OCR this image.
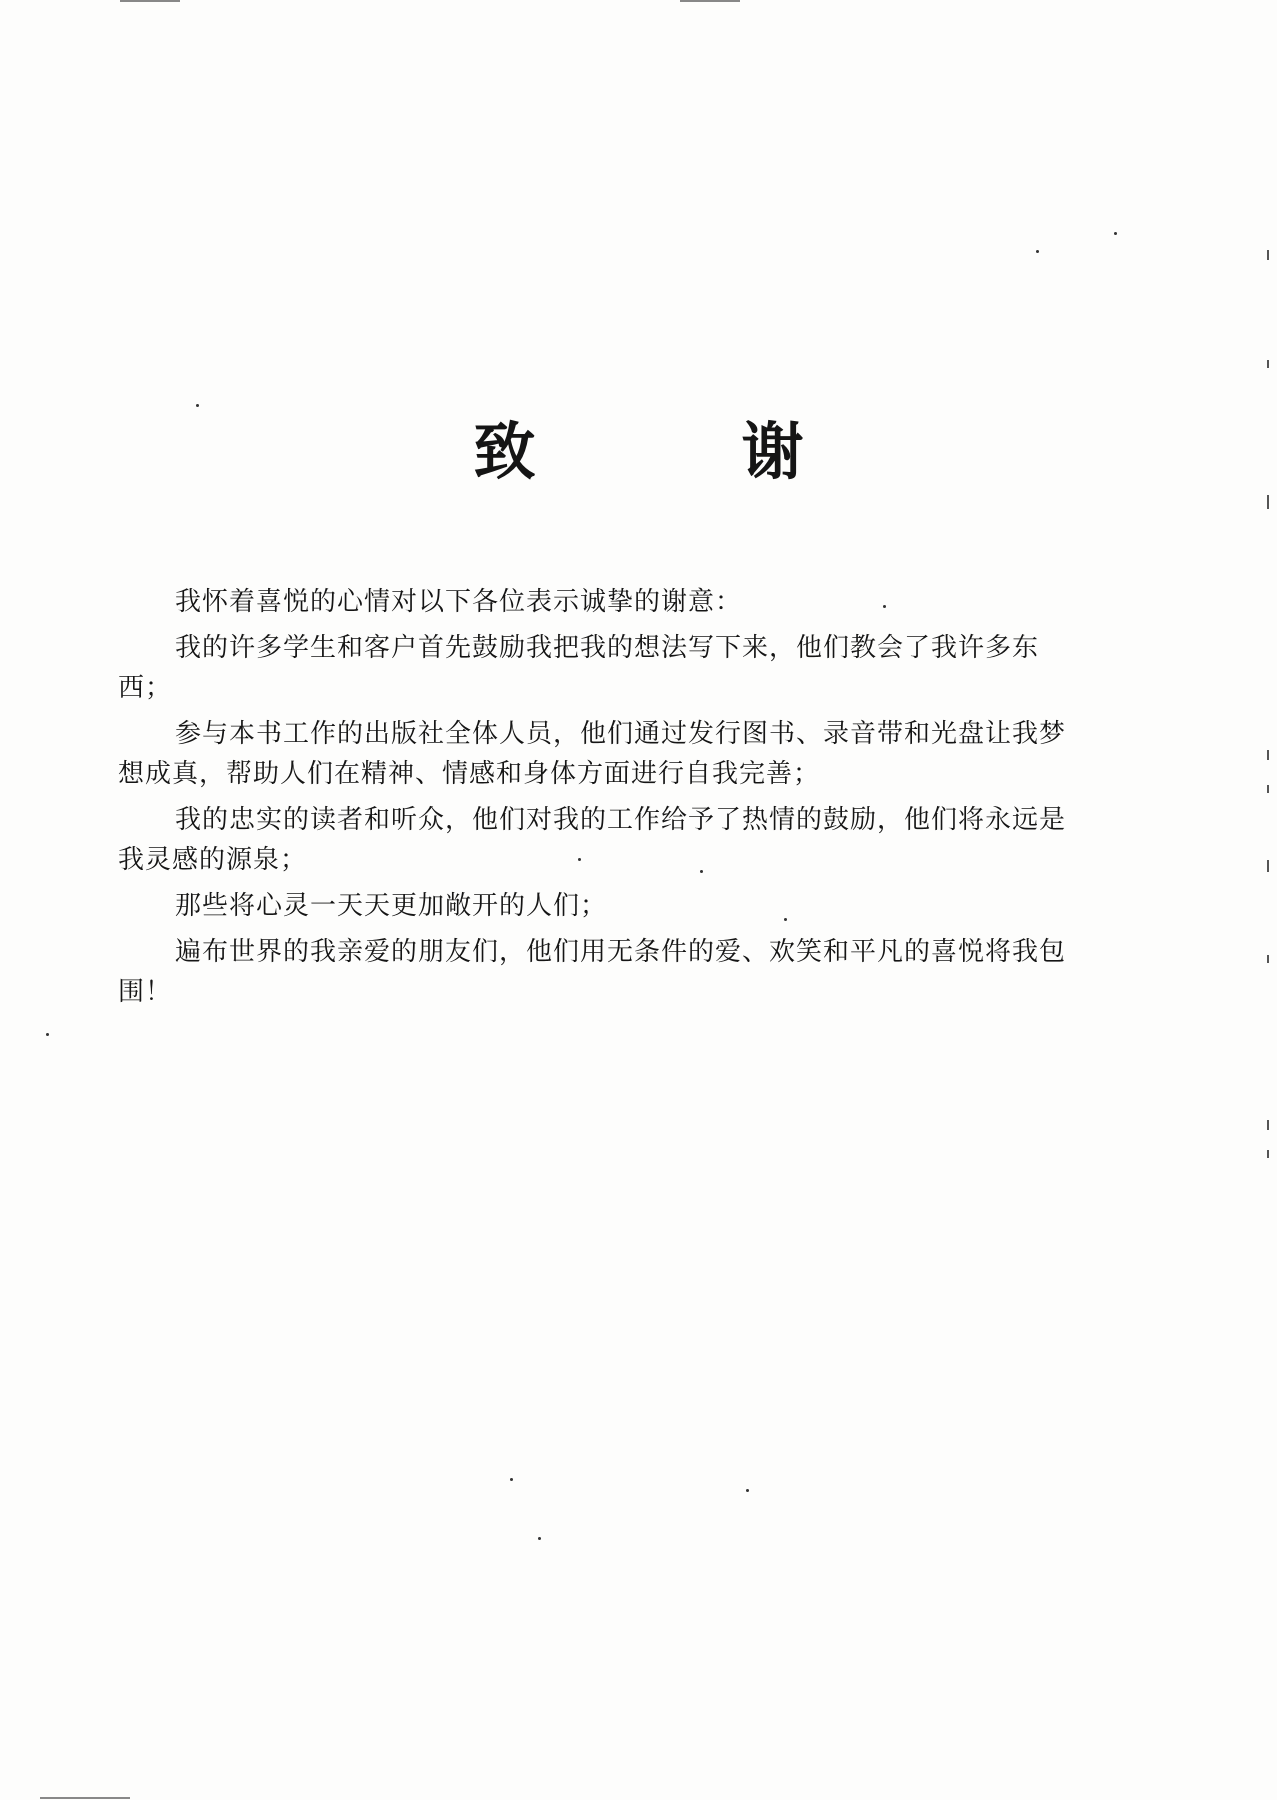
致　谢

我怀着喜悦的心情对以下各位表示诚挚的谢意：

我的许多学生和客户首先鼓励我把我的想法写下来，他们教会了我许多东西；

参与本书工作的出版社全体人员，他们通过发行图书、录音带和光盘让我梦想成真，帮助人们在精神、情感和身体方面进行自我完善；

我的忠实的读者和听众，他们对我的工作给予了热情的鼓励，他们将永远是我灵感的源泉；

那些将心灵一天天更加敞开的人们；

遍布世界的我亲爱的朋友们，他们用无条件的爱、欢笑和平凡的喜悦将我包围！
